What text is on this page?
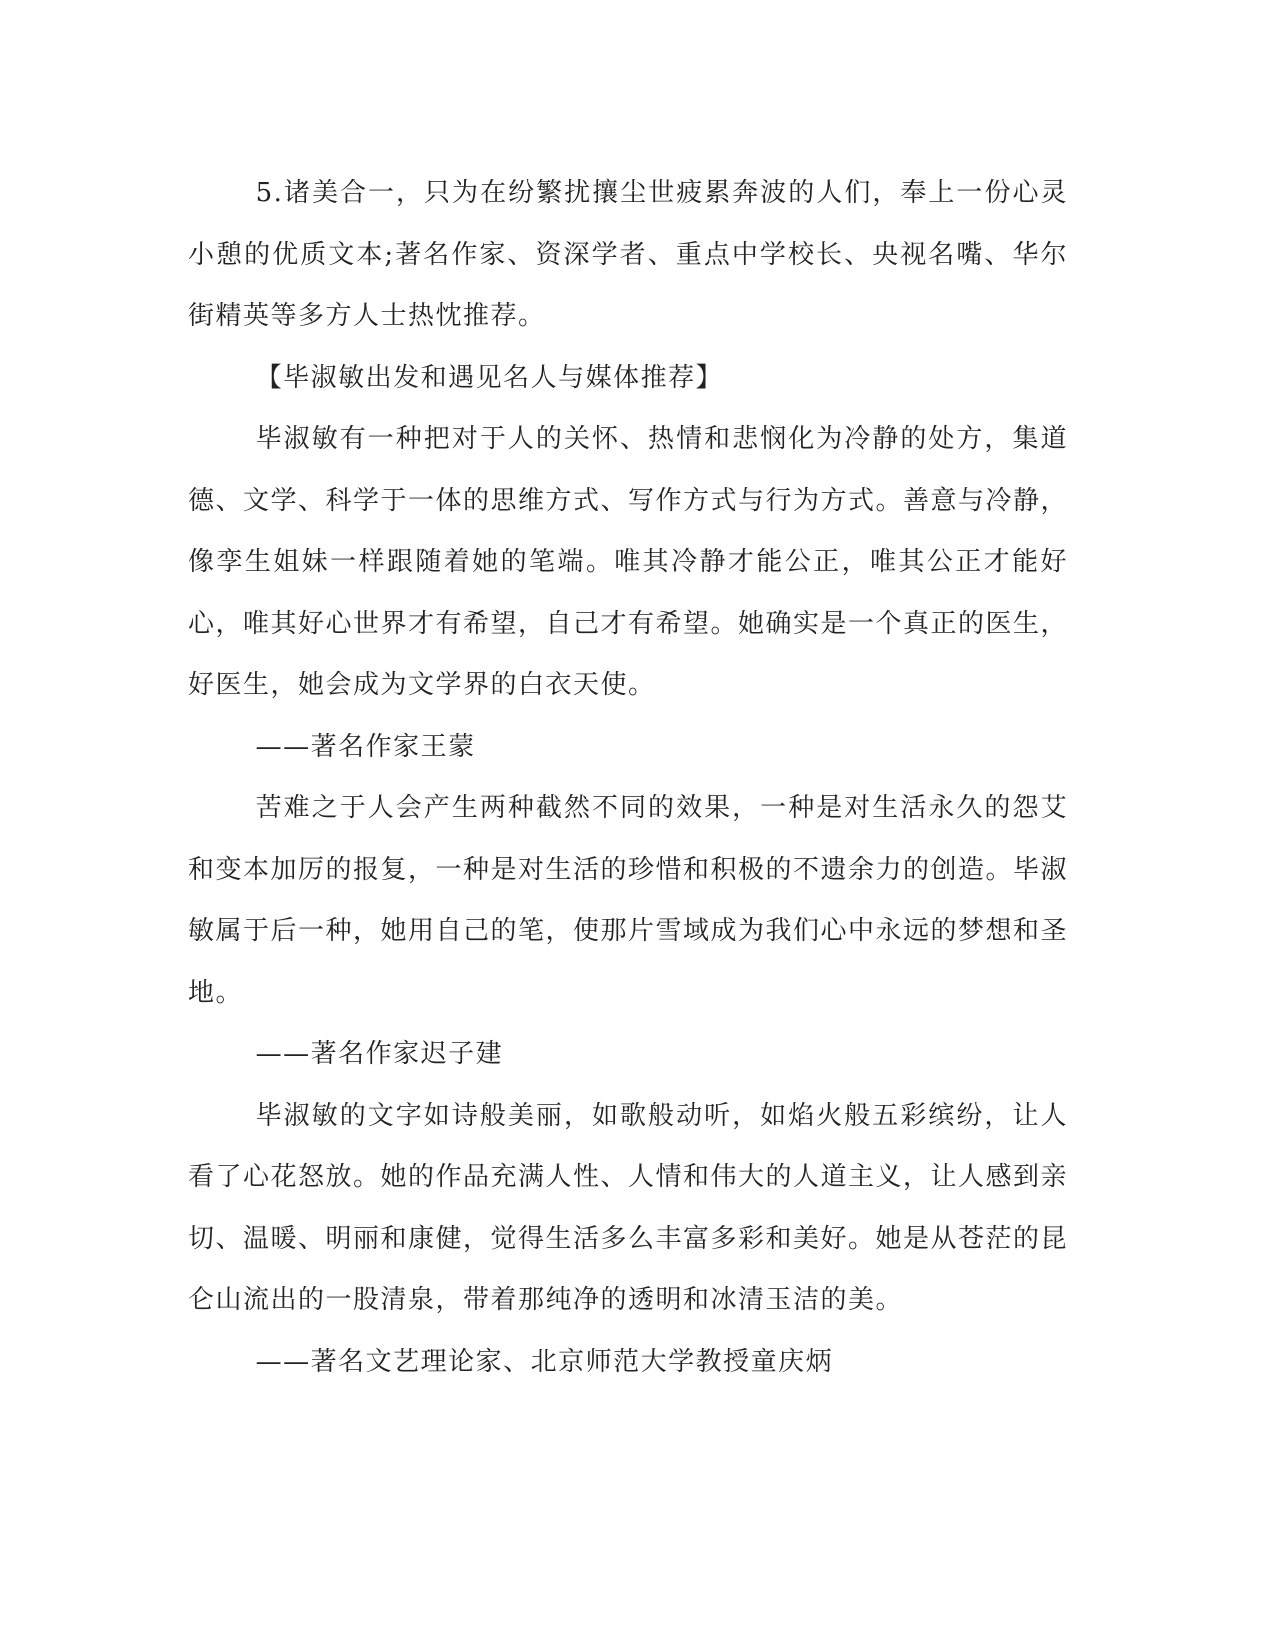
5.诸美合一，只为在纷繁扰攘尘世疲累奔波的人们，奉上一份心灵小憩的优质文本;著名作家、资深学者、重点中学校长、央视名嘴、华尔街精英等多方人士热忱推荐。

【毕淑敏出发和遇见名人与媒体推荐】

毕淑敏有一种把对于人的关怀、热情和悲悯化为冷静的处方，集道德、文学、科学于一体的思维方式、写作方式与行为方式。善意与冷静，像孪生姐妹一样跟随着她的笔端。唯其冷静才能公正，唯其公正才能好心，唯其好心世界才有希望，自己才有希望。她确实是一个真正的医生，好医生，她会成为文学界的白衣天使。

——著名作家王蒙

苦难之于人会产生两种截然不同的效果，一种是对生活永久的怨艾和变本加厉的报复，一种是对生活的珍惜和积极的不遗余力的创造。毕淑敏属于后一种，她用自己的笔，使那片雪域成为我们心中永远的梦想和圣地。

——著名作家迟子建

毕淑敏的文字如诗般美丽，如歌般动听，如焰火般五彩缤纷，让人看了心花怒放。她的作品充满人性、人情和伟大的人道主义，让人感到亲切、温暖、明丽和康健，觉得生活多么丰富多彩和美好。她是从苍茫的昆仑山流出的一股清泉，带着那纯净的透明和冰清玉洁的美。

——著名文艺理论家、北京师范大学教授童庆炳
